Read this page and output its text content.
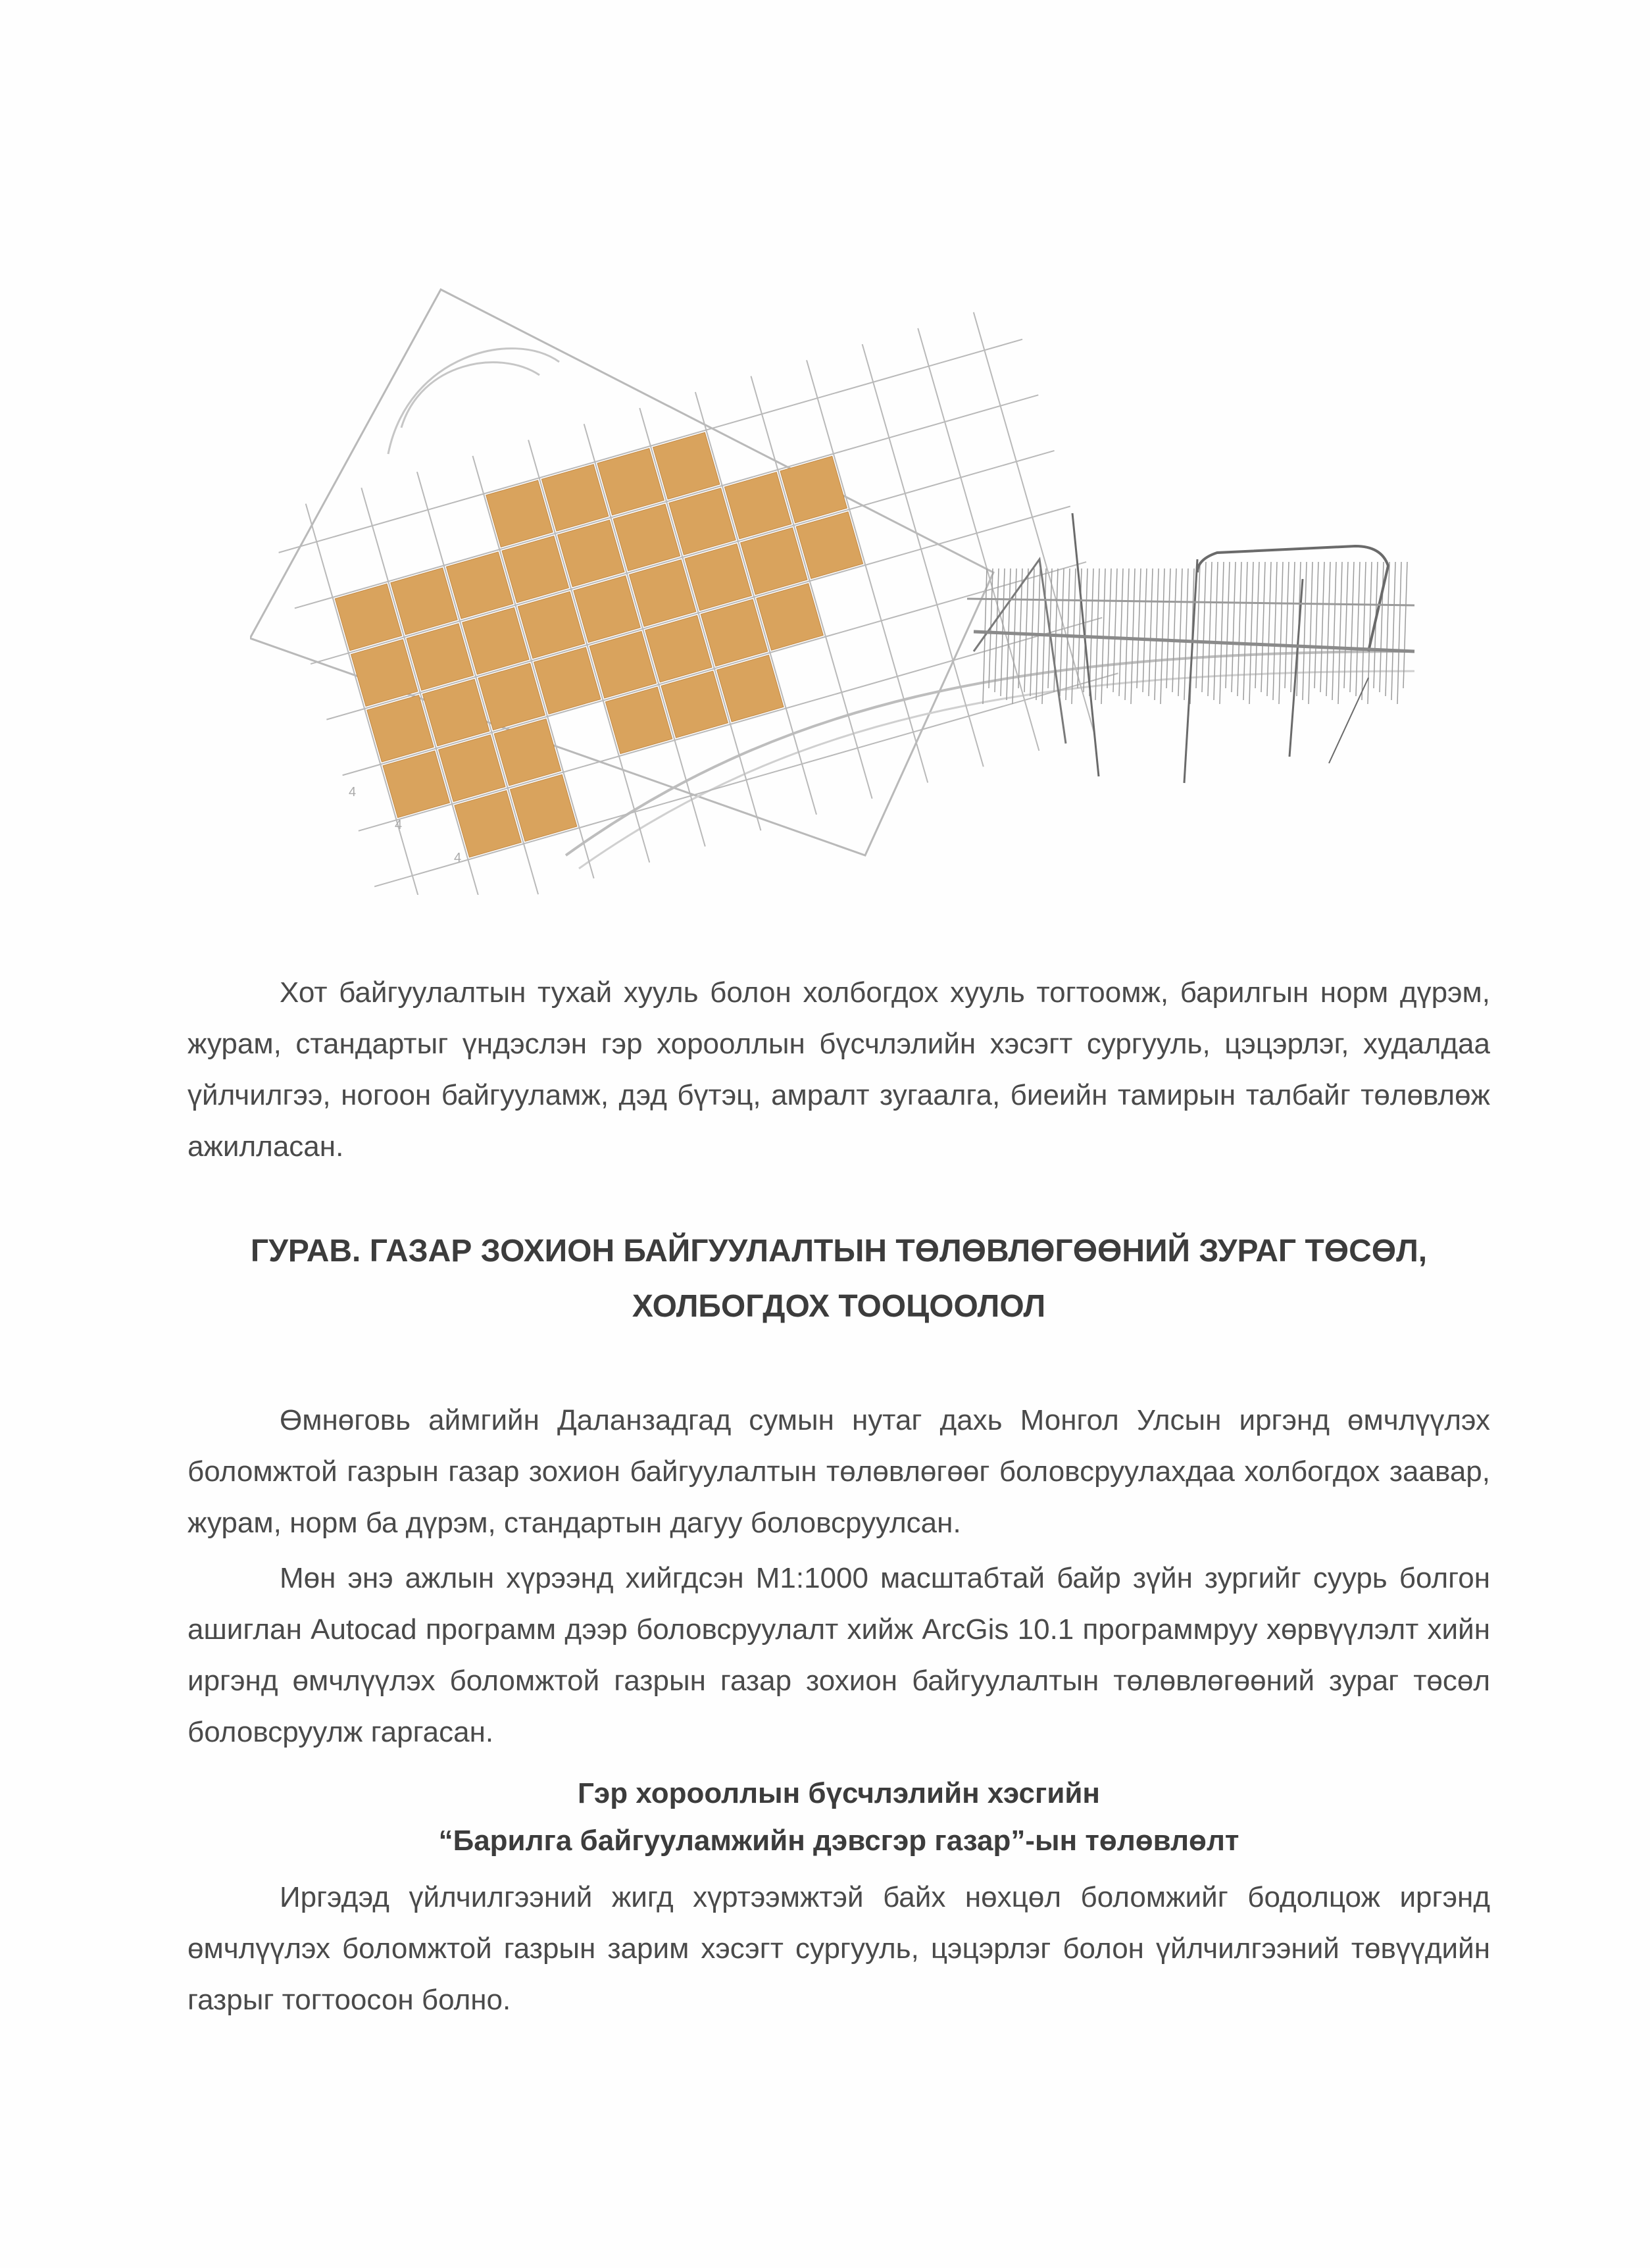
4
4
4

Хот байгуулалтын тухай хууль болон холбогдох хууль тогтоомж, барилгын норм дүрэм, журам, стандартыг үндэслэн гэр хорооллын бүсчлэлийн хэсэгт сургууль, цэцэрлэг, худалдаа үйлчилгээ, ногоон байгууламж, дэд бүтэц, амралт зугаалга, биеийн тамирын талбайг төлөвлөж ажилласан.

ГУРАВ. ГАЗАР ЗОХИОН БАЙГУУЛАЛТЫН ТӨЛӨВЛӨГӨӨНИЙ ЗУРАГ ТӨСӨЛ,
ХОЛБОГДОХ ТООЦООЛОЛ

Өмнөговь аймгийн Даланзадгад сумын нутаг дахь Монгол Улсын иргэнд өмчлүүлэх боломжтой газрын газар зохион байгуулалтын төлөвлөгөөг боловсруулахдаа холбогдох заавар, журам, норм ба дүрэм, стандартын дагуу боловсруулсан.

Мөн энэ ажлын хүрээнд хийгдсэн М1:1000 масштабтай байр зүйн зургийг суурь болгон ашиглан Autocad программ дээр боловсруулалт хийж ArcGis 10.1 программруу хөрвүүлэлт хийн иргэнд өмчлүүлэх боломжтой газрын газар зохион байгуулалтын төлөвлөгөөний зураг төсөл боловсруулж гаргасан.

Гэр хорооллын бүсчлэлийн хэсгийн
“Барилга байгууламжийн дэвсгэр газар”-ын төлөвлөлт

Иргэдэд үйлчилгээний жигд хүртээмжтэй байх нөхцөл боломжийг бодолцож иргэнд өмчлүүлэх боломжтой газрын зарим хэсэгт сургууль, цэцэрлэг болон үйлчилгээний төвүүдийн газрыг тогтоосон болно.
